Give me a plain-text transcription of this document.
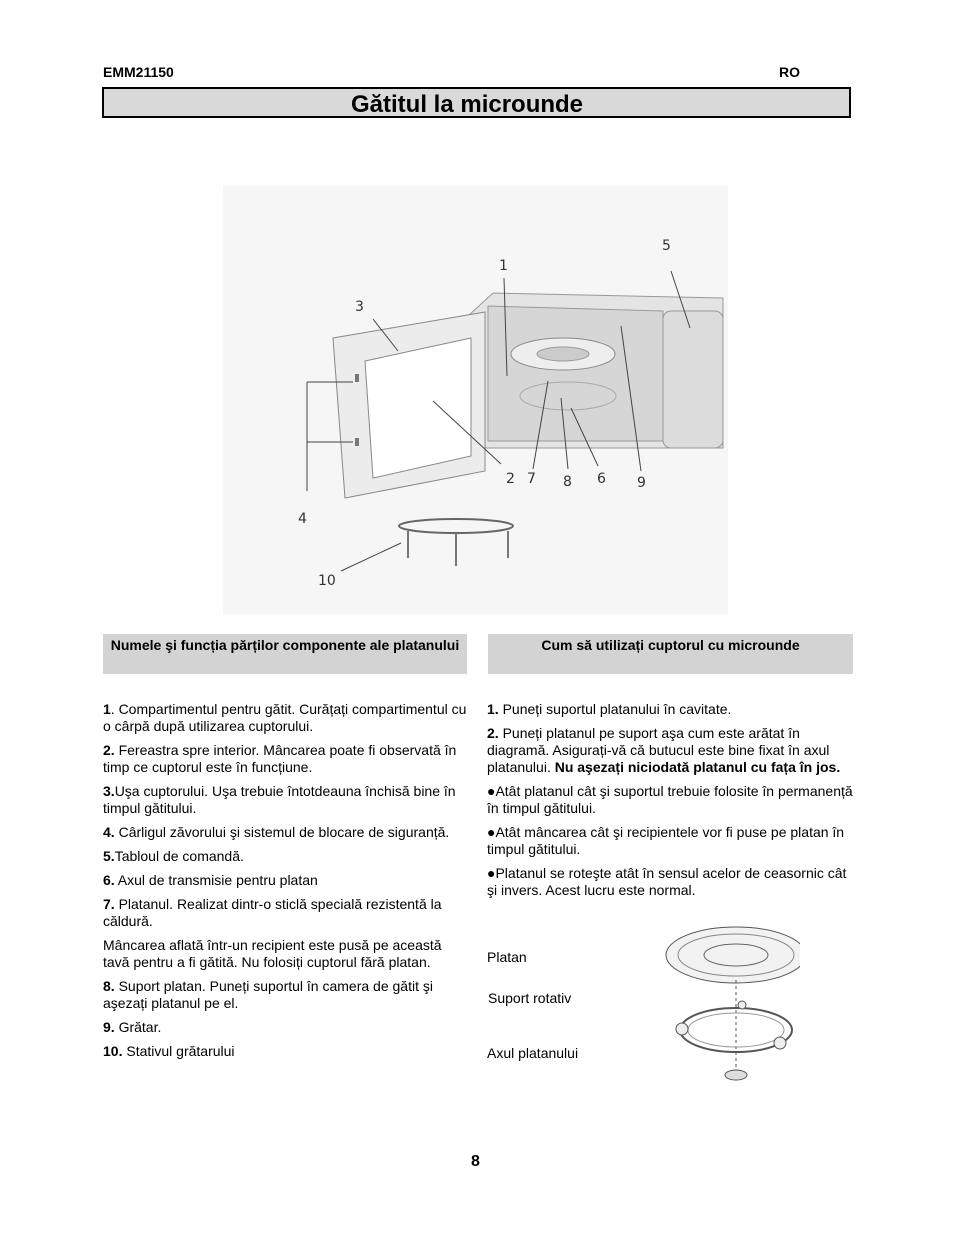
EMM21150	RO
Gătitul la microunde
1
2
3
4
5
6
7 8	9
10
Numele şi funcția părților componente ale platanului	Cum să utilizați cuptorul cu microunde

1. Compartimentul pentru gătit. Curățați compartimentul cu o cârpă după utilizarea cuptorului.

2. Fereastra spre interior. Mâncarea poate fi observată în timp ce cuptorul este în funcțiune.

3.Uşa cuptorului. Uşa trebuie întotdeauna închisă bine în timpul gătitului.

4. Cârligul zăvorului şi sistemul de blocare de siguranță.

5.Tabloul de comandă.

6. Axul de transmisie pentru platan

7. Platanul. Realizat dintr-o sticlă specială rezistentă la căldură.

Mâncarea aflată într-un recipient este pusă pe această tavă pentru a fi gătită. Nu folosiți cuptorul fără platan.

8. Suport platan. Puneți suportul în camera de gătit şi aşezați platanul pe el.

9. Grătar.

10. Stativul grătarului

1. Puneți suportul platanului în cavitate.

2. Puneți platanul pe suport aşa cum este arătat în diagramă. Asigurați-vă că butucul este bine fixat în axul platanului. Nu aşezați niciodată platanul cu fața în jos.

●Atât platanul cât şi suportul trebuie folosite în permanență în timpul gătitului.

●Atât mâncarea cât şi recipientele vor fi puse pe platan în timpul gătitului.

●Platanul se roteşte atât în sensul acelor de ceasornic cât şi invers. Acest lucru este normal.

Platan
Suport rotativ
Axul platanului
8
